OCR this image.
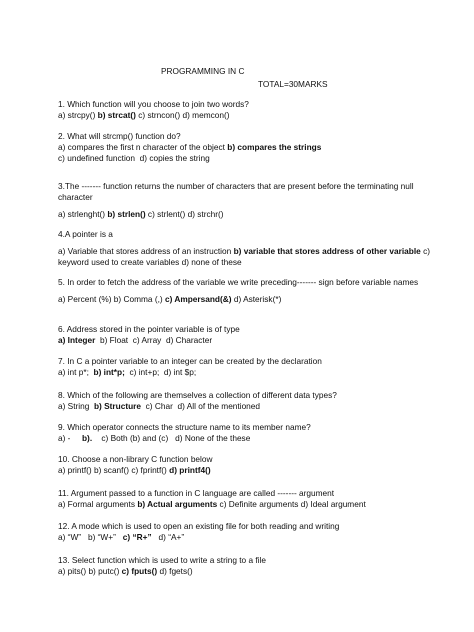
PROGRAMMING IN C
TOTAL=30MARKS

1. Which function will you choose to join two words?

a) strcpy() b) strcat() c) strncon() d) memcon()

2. What will strcmp() function do?

a) compares the first n character of the object b) compares the strings

c) undefined function d) copies the string

3.The ------- function returns the number of characters that are present before the terminating null character

a) strlenght() b) strlen() c) strlent() d) strchr()

4.A pointer is a

a) Variable that stores address of an instruction b) variable that stores address of other variable c) keyword used to create variables d) none of these

5. In order to fetch the address of the variable we write preceding------- sign before variable names

a) Percent (%) b) Comma (,) c) Ampersand(&) d) Asterisk(*)

6. Address stored in the pointer variable is of type

a) Integer b) Float c) Array d) Character

7. In C a pointer variable to an integer can be created by the declaration

a) int p*; b) int*p; c) int+p; d) int $p;

8. Which of the following are themselves a collection of different data types?

a) String b) Structure c) Char d) All of the mentioned

9. Which operator connects the structure name to its member name?

a) - b). c) Both (b) and (c) d) None of the these

10. Choose a non-library C function below

a) printf() b) scanf() c) fprintf() d) printf4()

11. Argument passed to a function in C language are called ------- argument

a) Formal arguments b) Actual arguments c) Definite arguments d) Ideal argument

12. A mode which is used to open an existing file for both reading and writing

a) “W” b) “W+” c) “R+” d) “A+”

13. Select function which is used to write a string to a file

a) pits() b) putc() c) fputs() d) fgets()
